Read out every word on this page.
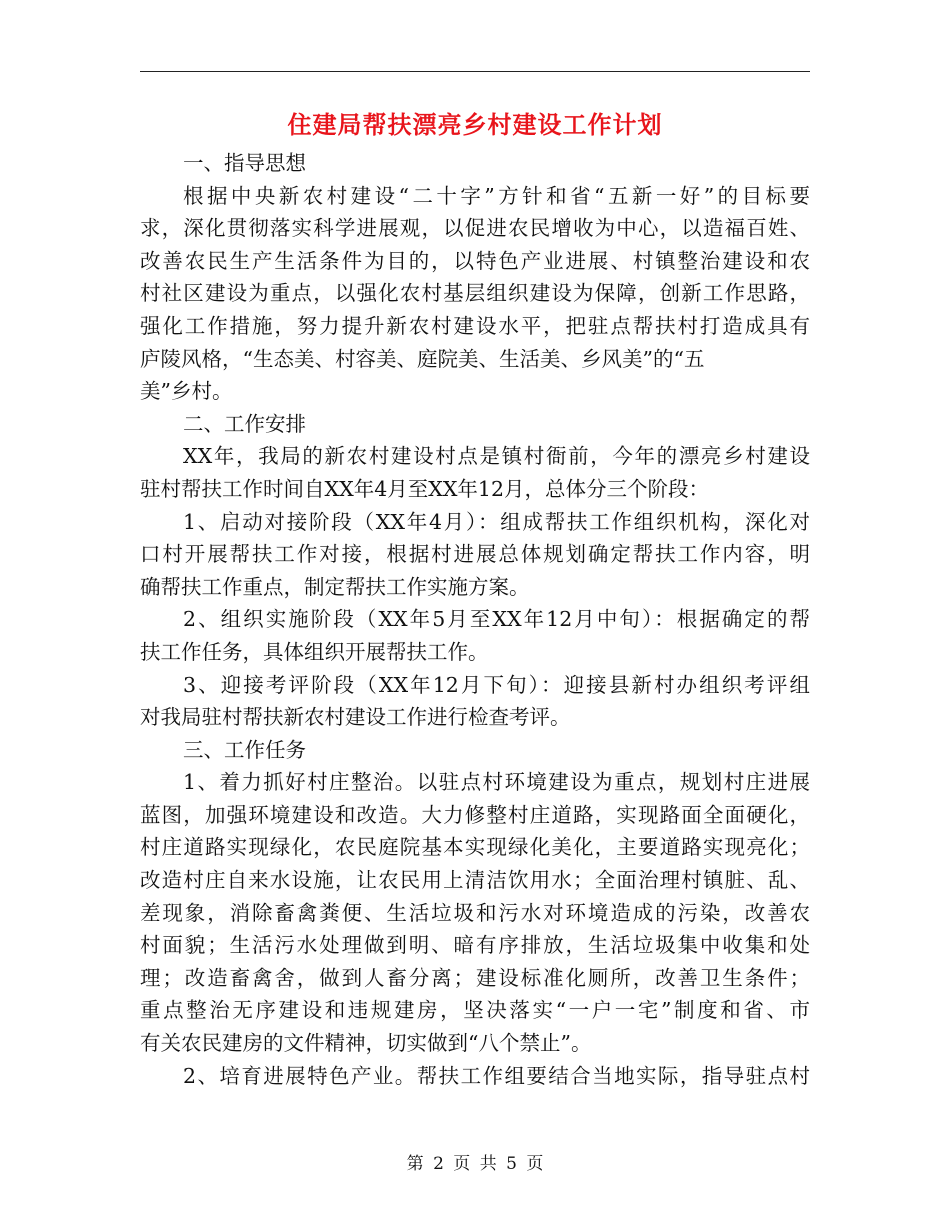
住建局帮扶漂亮乡村建设工作计划
一、指导思想
根据中央新农村建设“二十字”方针和省“五新一好”的目标要
求，深化贯彻落实科学进展观，以促进农民增收为中心，以造福百姓、
改善农民生产生活条件为目的，以特色产业进展、村镇整治建设和农
村社区建设为重点，以强化农村基层组织建设为保障，创新工作思路，
强化工作措施，努力提升新农村建设水平，把驻点帮扶村打造成具有
庐陵风格，“生态美、村容美、庭院美、生活美、乡风美”的“五
美”乡村。
二、工作安排
XX年，我局的新农村建设村点是镇村衙前，今年的漂亮乡村建设
驻村帮扶工作时间自XX年4月至XX年12月，总体分三个阶段：
1、启动对接阶段（XX年4月）：组成帮扶工作组织机构，深化对
口村开展帮扶工作对接，根据村进展总体规划确定帮扶工作内容，明
确帮扶工作重点，制定帮扶工作实施方案。
2、组织实施阶段（XX年5月至XX年12月中旬）：根据确定的帮
扶工作任务，具体组织开展帮扶工作。
3、迎接考评阶段（XX年12月下旬）：迎接县新村办组织考评组
对我局驻村帮扶新农村建设工作进行检查考评。
三、工作任务
1、着力抓好村庄整治。以驻点村环境建设为重点，规划村庄进展
蓝图，加强环境建设和改造。大力修整村庄道路，实现路面全面硬化，
村庄道路实现绿化，农民庭院基本实现绿化美化，主要道路实现亮化；
改造村庄自来水设施，让农民用上清洁饮用水；全面治理村镇脏、乱、
差现象，消除畜禽粪便、生活垃圾和污水对环境造成的污染，改善农
村面貌；生活污水处理做到明、暗有序排放，生活垃圾集中收集和处
理；改造畜禽舍，做到人畜分离；建设标准化厕所，改善卫生条件；
重点整治无序建设和违规建房，坚决落实“一户一宅”制度和省、市
有关农民建房的文件精神，切实做到“八个禁止”。
2、培育进展特色产业。帮扶工作组要结合当地实际，指导驻点村
第 2 页 共 5 页
